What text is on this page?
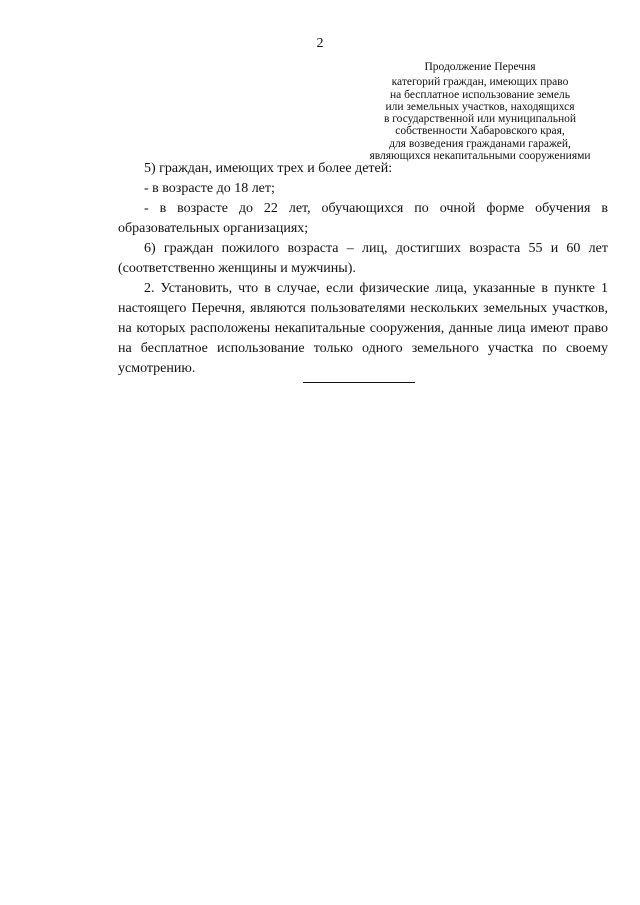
2
Продолжение Перечня
категорий граждан, имеющих право
на бесплатное использование земель
или земельных участков, находящихся
в государственной или муниципальной
собственности Хабаровского края,
для возведения гражданами гаражей,
являющихся некапитальными сооружениями

5) граждан, имеющих трех и более детей:

- в возрасте до 18 лет;

- в возрасте до 22 лет, обучающихся по очной форме обучения в образовательных организациях;

6) граждан пожилого возраста – лиц, достигших возраста 55 и 60 лет (соответственно женщины и мужчины).

2. Установить, что в случае, если физические лица, указанные в пункте 1 настоящего Перечня, являются пользователями нескольких земельных участков, на которых расположены некапитальные сооружения, данные лица имеют право на бесплатное использование только одного земельного участка по своему усмотрению.
